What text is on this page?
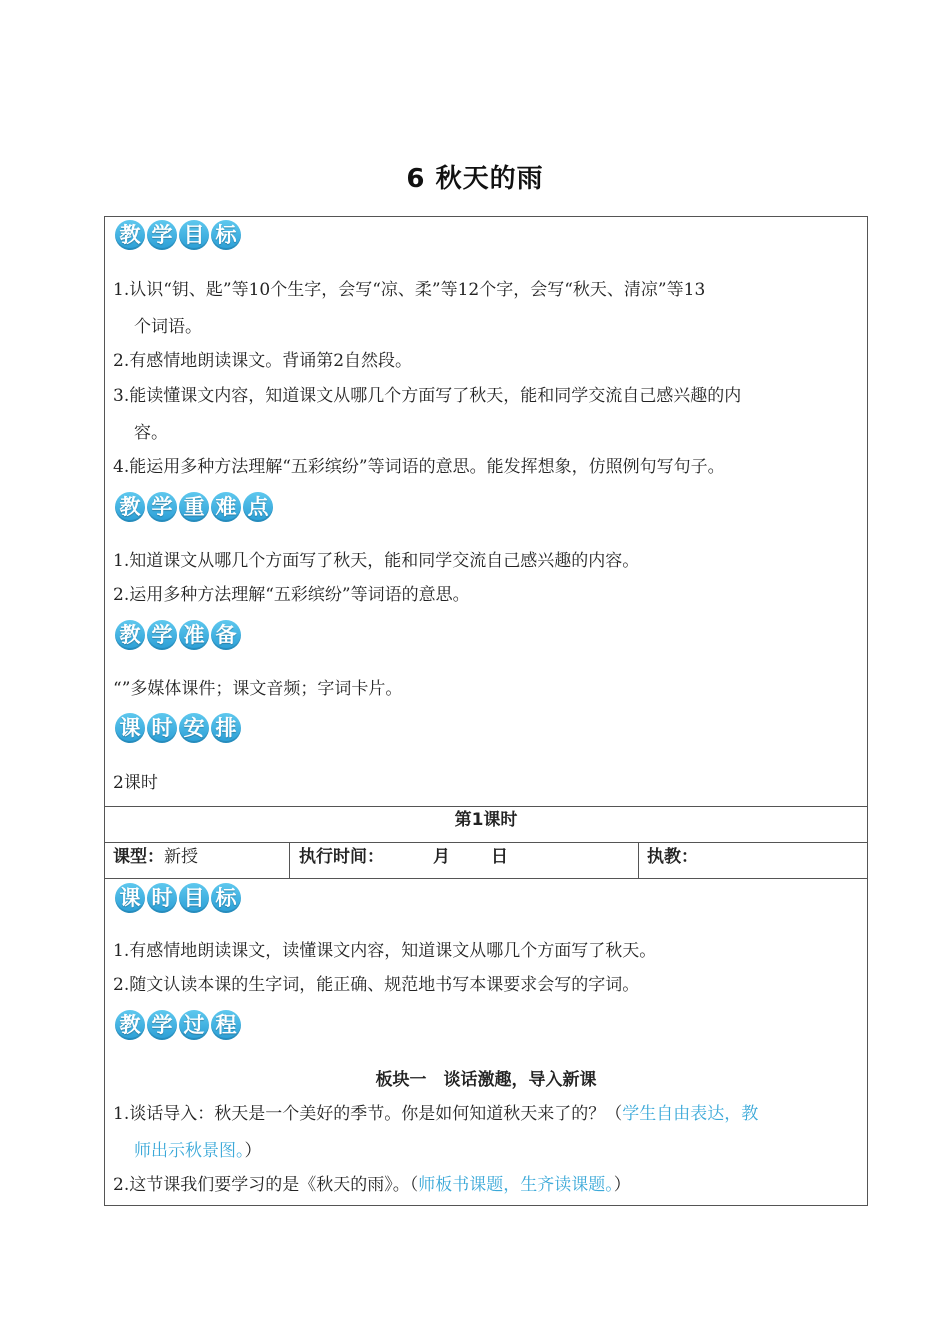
6 秋天的雨
教 学 目 标
1.认识“钥、匙”等10个生字，会写“凉、柔”等12个字，会写“秋天、清凉”等13
个词语。
2.有感情地朗读课文。背诵第2自然段。
3.能读懂课文内容，知道课文从哪几个方面写了秋天，能和同学交流自己感兴趣的内
容。
4.能运用多种方法理解“五彩缤纷”等词语的意思。能发挥想象，仿照例句写句子。
教 学 重 难 点
1.知道课文从哪几个方面写了秋天，能和同学交流自己感兴趣的内容。
2.运用多种方法理解“五彩缤纷”等词语的意思。
教 学 准 备
“”多媒体课件；课文音频；字词卡片。
课 时 安 排
2课时
第1课时
课型：新授	执行时间：	月 日	执教：
课 时 目 标
1.有感情地朗读课文，读懂课文内容，知道课文从哪几个方面写了秋天。
2.随文认读本课的生字词，能正确、规范地书写本课要求会写的字词。
教 学 过 程
板块一　谈话激趣，导入新课
1.谈话导入：秋天是一个美好的季节。你是如何知道秋天来了的？（学生自由表达，教
师出示秋景图。）
2.这节课我们要学习的是《秋天的雨》。（师板书课题，生齐读课题。）
